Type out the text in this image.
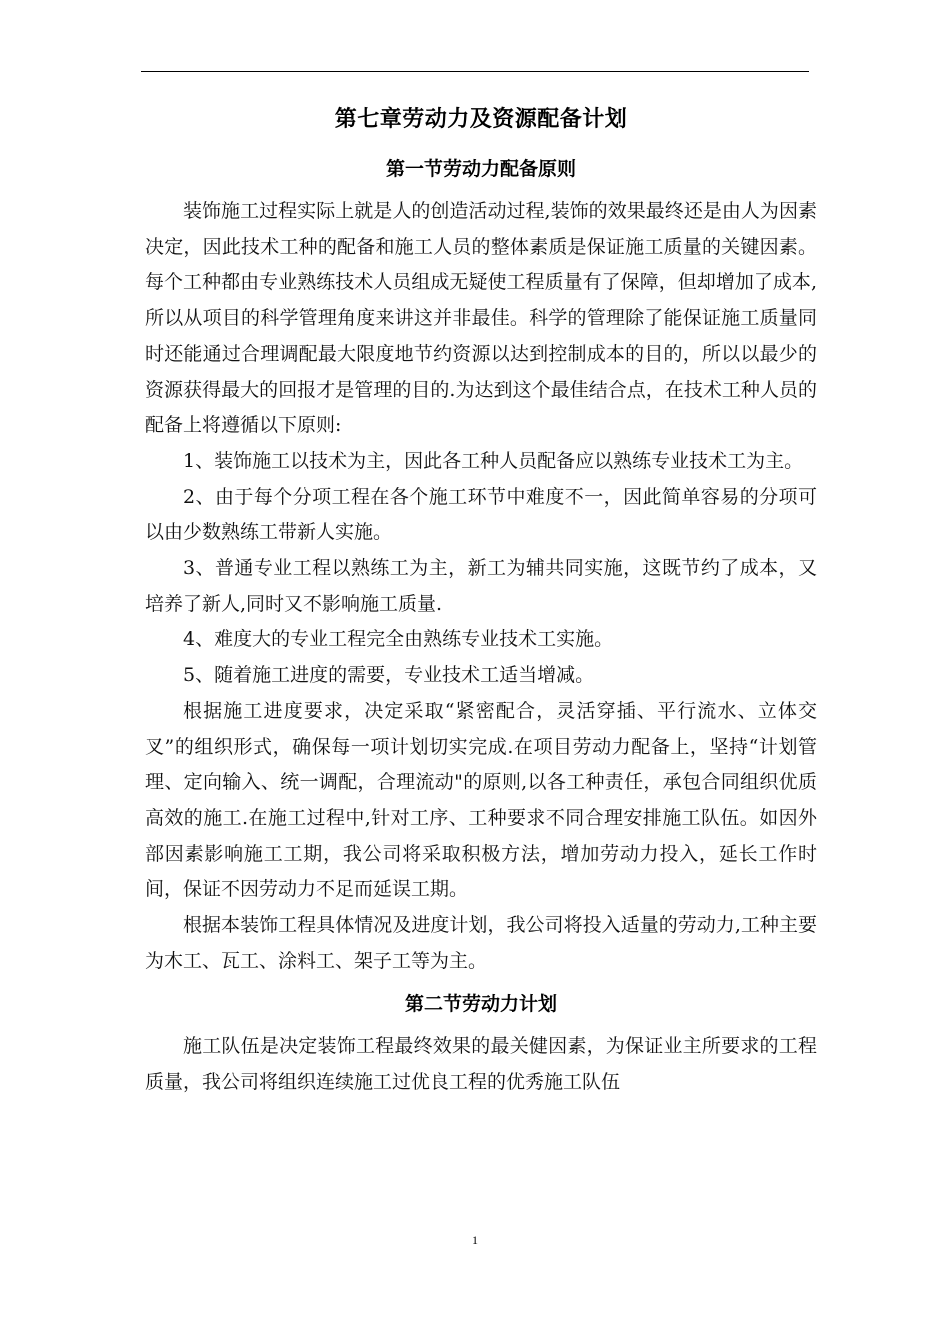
第七章劳动力及资源配备计划
第一节劳动力配备原则

装饰施工过程实际上就是人的创造活动过程,装饰的效果最终还是由人为因素决定，因此技术工种的配备和施工人员的整体素质是保证施工质量的关键因素。每个工种都由专业熟练技术人员组成无疑使工程质量有了保障，但却增加了成本,所以从项目的科学管理角度来讲这并非最佳。科学的管理除了能保证施工质量同时还能通过合理调配最大限度地节约资源以达到控制成本的目的，所以以最少的资源获得最大的回报才是管理的目的.为达到这个最佳结合点，在技术工种人员的配备上将遵循以下原则:

1、装饰施工以技术为主，因此各工种人员配备应以熟练专业技术工为主。

2、由于每个分项工程在各个施工环节中难度不一，因此简单容易的分项可以由少数熟练工带新人实施。

3、普通专业工程以熟练工为主，新工为辅共同实施，这既节约了成本，又培养了新人,同时又不影响施工质量.

4、难度大的专业工程完全由熟练专业技术工实施。

5、随着施工进度的需要，专业技术工适当增减。

根据施工进度要求，决定采取“紧密配合，灵活穿插、平行流水、立体交叉”的组织形式，确保每一项计划切实完成.在项目劳动力配备上，坚持“计划管理、定向输入、统一调配，合理流动"的原则,以各工种责任，承包合同组织优质高效的施工.在施工过程中,针对工序、工种要求不同合理安排施工队伍。如因外部因素影响施工工期，我公司将采取积极方法，增加劳动力投入，延长工作时间，保证不因劳动力不足而延误工期。

根据本装饰工程具体情况及进度计划，我公司将投入适量的劳动力,工种主要为木工、瓦工、涂料工、架子工等为主。

第二节劳动力计划

施工队伍是决定装饰工程最终效果的最关健因素，为保证业主所要求的工程质量，我公司将组织连续施工过优良工程的优秀施工队伍

1
